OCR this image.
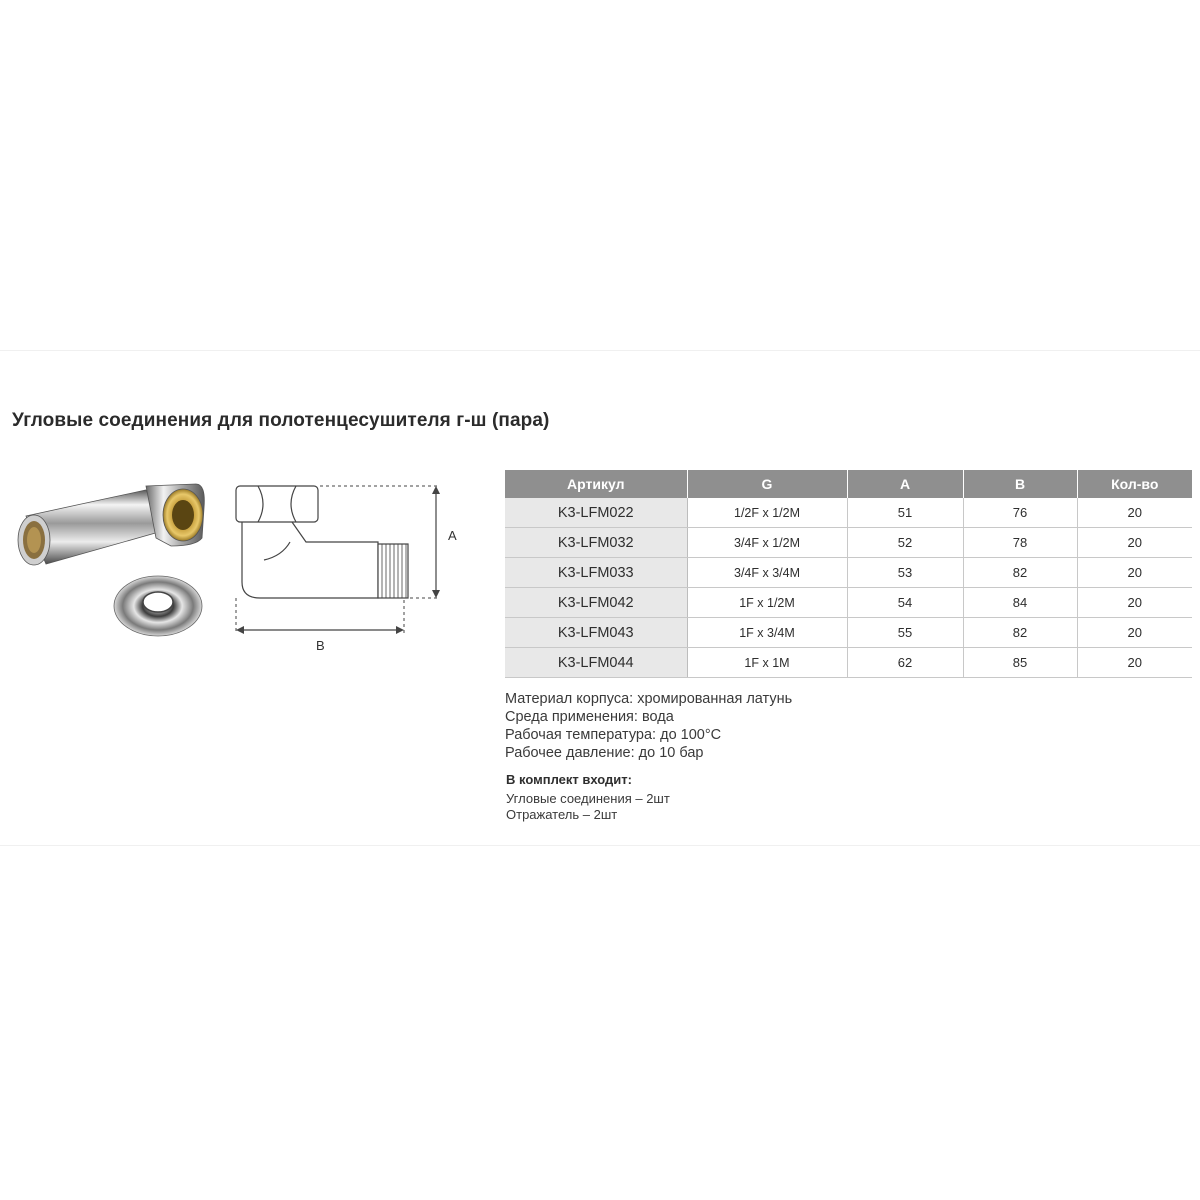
Угловые соединения для полотенцесушителя г-ш (пара)
A
B
Артикул	G	A	B	Кол-во
K3-LFM022	1/2F x 1/2M	51	76	20
K3-LFM032	3/4F x 1/2M	52	78	20
K3-LFM033	3/4F x 3/4M	53	82	20
K3-LFM042	1F x 1/2M	54	84	20
K3-LFM043	1F x 3/4M	55	82	20
K3-LFM044	1F x 1M	62	85	20
Материал корпуса: хромированная латунь
Среда применения: вода
Рабочая температура: до 100°С
Рабочее давление: до 10 бар
В комплект входит:
Угловые соединения – 2шт
Отражатель – 2шт
